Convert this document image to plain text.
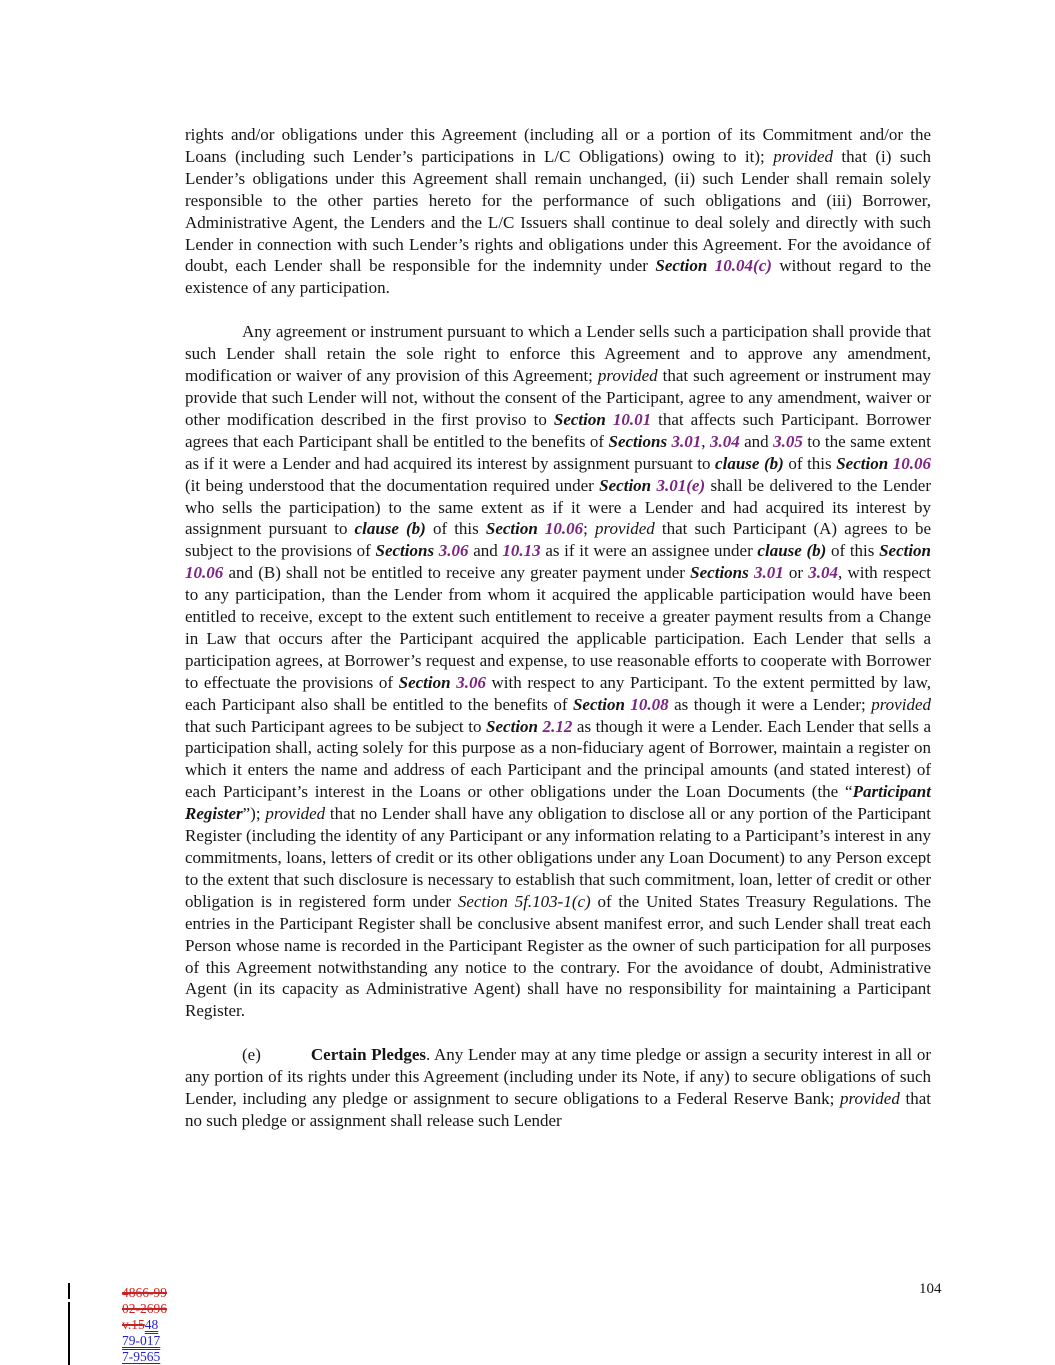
rights and/or obligations under this Agreement (including all or a portion of its Commitment and/or the Loans (including such Lender’s participations in L/C Obligations) owing to it); provided that (i) such Lender’s obligations under this Agreement shall remain unchanged, (ii) such Lender shall remain solely responsible to the other parties hereto for the performance of such obligations and (iii) Borrower, Administrative Agent, the Lenders and the L/C Issuers shall continue to deal solely and directly with such Lender in connection with such Lender’s rights and obligations under this Agreement. For the avoidance of doubt, each Lender shall be responsible for the indemnity under Section 10.04(c) without regard to the existence of any participation.

Any agreement or instrument pursuant to which a Lender sells such a participation shall provide that such Lender shall retain the sole right to enforce this Agreement and to approve any amendment, modification or waiver of any provision of this Agreement; provided that such agreement or instrument may provide that such Lender will not, without the consent of the Participant, agree to any amendment, waiver or other modification described in the first proviso to Section 10.01 that affects such Participant. Borrower agrees that each Participant shall be entitled to the benefits of Sections 3.01, 3.04 and 3.05 to the same extent as if it were a Lender and had acquired its interest by assignment pursuant to clause (b) of this Section 10.06 (it being understood that the documentation required under Section 3.01(e) shall be delivered to the Lender who sells the participation) to the same extent as if it were a Lender and had acquired its interest by assignment pursuant to clause (b) of this Section 10.06; provided that such Participant (A) agrees to be subject to the provisions of Sections 3.06 and 10.13 as if it were an assignee under clause (b) of this Section 10.06 and (B) shall not be entitled to receive any greater payment under Sections 3.01 or 3.04, with respect to any participation, than the Lender from whom it acquired the applicable participation would have been entitled to receive, except to the extent such entitlement to receive a greater payment results from a Change in Law that occurs after the Participant acquired the applicable participation. Each Lender that sells a participation agrees, at Borrower’s request and expense, to use reasonable efforts to cooperate with Borrower to effectuate the provisions of Section 3.06 with respect to any Participant. To the extent permitted by law, each Participant also shall be entitled to the benefits of Section 10.08 as though it were a Lender; provided that such Participant agrees to be subject to Section 2.12 as though it were a Lender. Each Lender that sells a participation shall, acting solely for this purpose as a non-fiduciary agent of Borrower, maintain a register on which it enters the name and address of each Participant and the principal amounts (and stated interest) of each Participant’s interest in the Loans or other obligations under the Loan Documents (the “Participant Register”); provided that no Lender shall have any obligation to disclose all or any portion of the Participant Register (including the identity of any Participant or any information relating to a Participant’s interest in any commitments, loans, letters of credit or its other obligations under any Loan Document) to any Person except to the extent that such disclosure is necessary to establish that such commitment, loan, letter of credit or other obligation is in registered form under Section 5f.103-1(c) of the United States Treasury Regulations. The entries in the Participant Register shall be conclusive absent manifest error, and such Lender shall treat each Person whose name is recorded in the Participant Register as the owner of such participation for all purposes of this Agreement notwithstanding any notice to the contrary. For the avoidance of doubt, Administrative Agent (in its capacity as Administrative Agent) shall have no responsibility for maintaining a Participant Register.

(e)	Certain Pledges. Any Lender may at any time pledge or assign a security interest in all or any portion of its rights under this Agreement (including under its Note, if any) to secure obligations of such Lender, including any pledge or assignment to secure obligations to a Federal Reserve Bank; provided that no such pledge or assignment shall release such Lender

4866-99
02-2696
v.1548
79-017
7-9565
104
